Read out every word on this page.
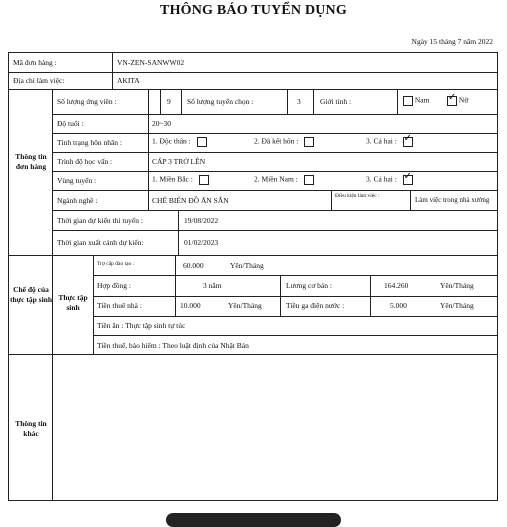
THÔNG BÁO TUYỂN DỤNG
Ngày 15 tháng 7 năm 2022
Mã đơn hàng :	VN-ZEN-SANWW02
Địa chỉ làm việc:	AKITA
Thông tin đơn hàng
Chế độ của thực tập sinh Thực tập sinh
Thông tin khác
Số lượng ứng viên :	9 Số lượng tuyển chọn :	3	Giới tính :	Nam
✓	Nữ
Độ tuổi :	20~30
Tình trạng hôn nhân :	1. Độc thân :	2. Đã kết hôn :	3. Cả hai :  ✓
Trình độ học vấn :	CẤP 3 TRỞ LÊN
Vùng tuyển :	1. Miền Bắc :	2. Miền Nam :	3. Cả hai :  ✓
Ngành nghề :	CHẾ BIẾN ĐỒ ĂN SẴN	Điều kiện làm việc :	Làm việc trong nhà xưởng
Thời gian dự kiến thi tuyển :	19/08/2022
Thời gian xuất cảnh dự kiến:	01/02/2023
Trợ cấp đào tạo :	60.000	Yên/Tháng
Hợp đồng :	3 năm	Lương cơ bản :	164.260	Yên/Tháng
Tiền thuê nhà :	10.000	Yên/Tháng	Tiền ga điện nước :	5.000	Yên/Tháng
Tiền ăn : Thực tập sinh tự túc
Tiền thuế, bảo hiểm : Theo luật định của Nhật Bản
